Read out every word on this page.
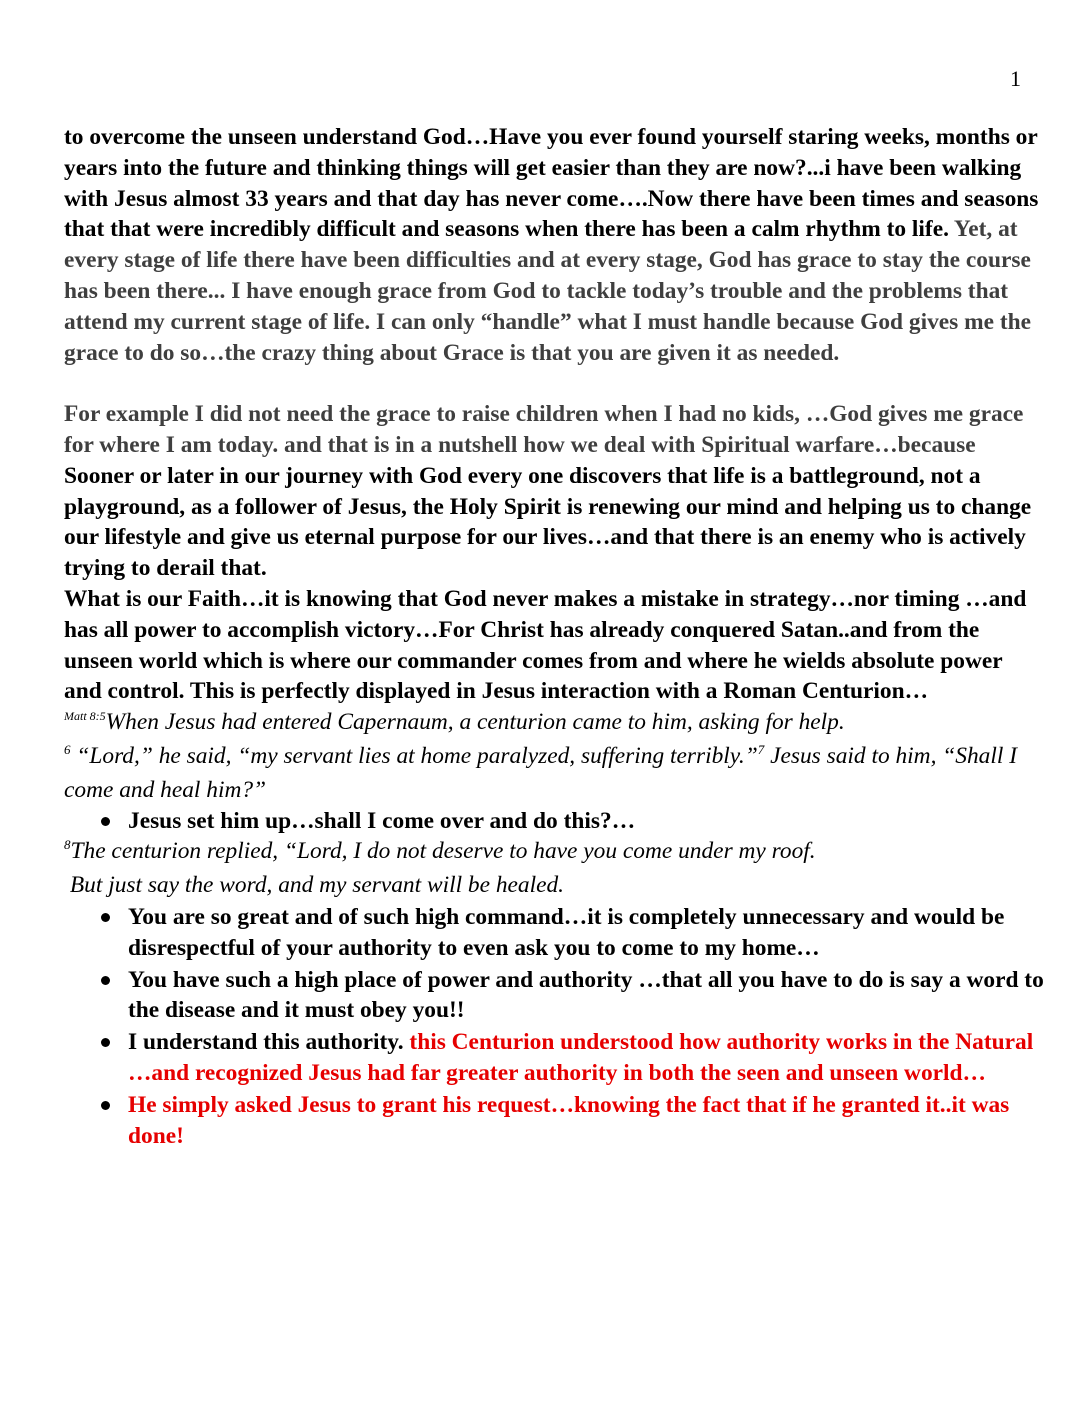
1

to overcome the unseen understand God…Have you ever found yourself staring weeks, months or years into the future and thinking things will get easier than they are now?...i have been walking with Jesus almost 33 years and that day has never come….Now there have been times and seasons that that were incredibly difficult and seasons when there has been a calm rhythm to life. Yet, at every stage of life there have been difficulties and at every stage, God has grace to stay the course has been there... I have enough grace from God to tackle today’s trouble and the problems that attend my current stage of life. I can only “handle” what I must handle because God gives me the grace to do so…the crazy thing about Grace is that you are given it as needed.

For example I did not need the grace to raise children when I had no kids, …God gives me grace for where I am today. and that is in a nutshell how we deal with Spiritual warfare…because Sooner or later in our journey with God every one discovers that life is a battleground, not a playground, as a follower of Jesus, the Holy Spirit is renewing our mind and helping us to change our lifestyle and give us eternal purpose for our lives…and that there is an enemy who is actively trying to derail that.

What is our Faith…it is knowing that God never makes a mistake in strategy…nor timing …and has all power to accomplish victory…For Christ has already conquered Satan..and from the unseen world which is where our commander comes from and where he wields absolute power and control. This is perfectly displayed in Jesus interaction with a Roman Centurion…

$^{Matt 8:5}$When Jesus had entered Capernaum, a centurion came to him, asking for help.
$^6$ “Lord,” he said, “my servant lies at home paralyzed, suffering terribly.”$^7$ Jesus said to him, “Shall I come and heal him?”

Jesus set him up…shall I come over and do this?…

$^8$The centurion replied, “Lord, I do not deserve to have you come under my roof.
But just say the word, and my servant will be healed.

You are so great and of such high command…it is completely unnecessary and would be disrespectful of your authority to even ask you to come to my home…
You have such a high place of power and authority …that all you have to do is say a word to the disease and it must obey you!!
I understand this authority. this Centurion understood how authority works in the Natural …and recognized Jesus had far greater authority in both the seen and unseen world…
He simply asked Jesus to grant his request…knowing the fact that if he granted it..it was done!
